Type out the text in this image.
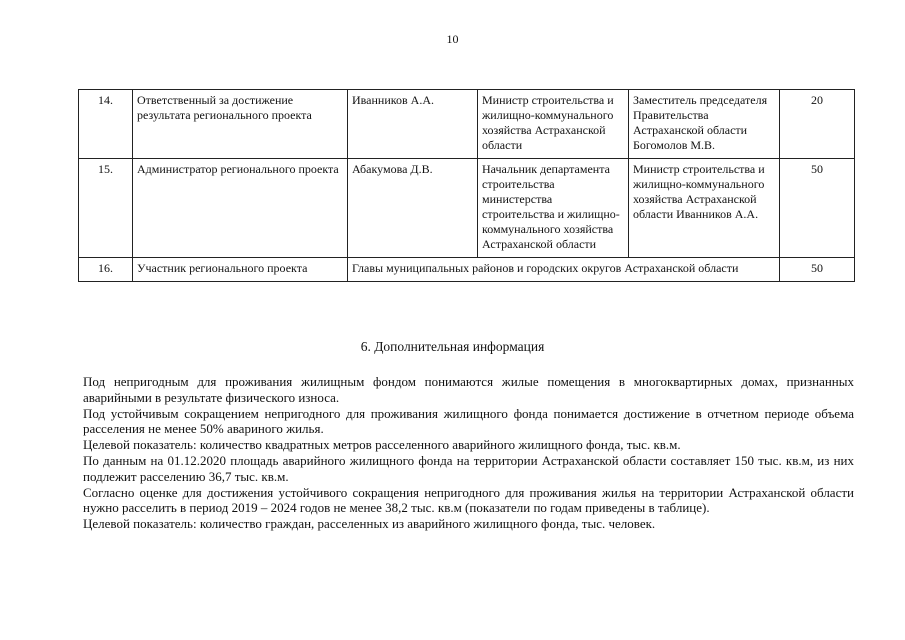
10
14.	Ответственный за достижение результата регионального проекта	Иванников А.А.	Министр строительства и жилищно-коммунального хозяйства Астраханской области	Заместитель председателя Правительства Астраханской области Богомолов М.В.	20
15.	Администратор регионального проекта	Абакумова Д.В.	Начальник департамента строительства министерства строительства и жилищно-коммунального хозяйства Астраханской области	Министр строительства и жилищно-коммунального хозяйства Астраханской области Иванников А.А.	50
16.	Участник регионального проекта	Главы муниципальных районов и городских округов Астраханской области			50
6. Дополнительная информация

Под непригодным для проживания жилищным фондом понимаются жилые помещения в многоквартирных домах, признанных аварийными в результате физического износа.

Под устойчивым сокращением непригодного для проживания жилищного фонда понимается достижение в отчетном периоде объема расселения не менее 50% авариного жилья.

Целевой показатель: количество квадратных метров расселенного аварийного жилищного фонда, тыс. кв.м.

По данным на 01.12.2020 площадь аварийного жилищного фонда на территории Астраханской области составляет 150 тыс. кв.м, из них подлежит расселению 36,7 тыс. кв.м.

Согласно оценке для достижения устойчивого сокращения непригодного для проживания жилья на территории Астраханской области нужно расселить в период 2019 – 2024 годов не менее 38,2 тыс. кв.м (показатели по годам приведены в таблице).

Целевой показатель: количество граждан, расселенных из аварийного жилищного фонда, тыс. человек.
